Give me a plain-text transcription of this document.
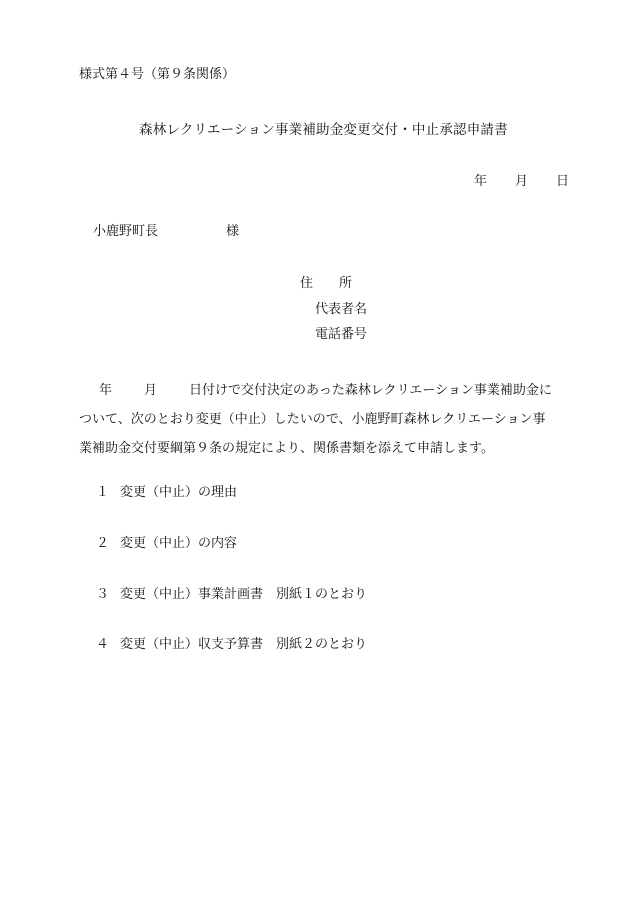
様式第４号（第９条関係）
森林レクリエーション事業補助金変更交付・中止承認申請書
年 月 日
小鹿野町長	様
住 所
代表者名
電話番号
年 月 日付けで交付決定のあった森林レクリエーション事業補助金に
ついて、次のとおり変更（中止）したいので、小鹿野町森林レクリエーション事
業補助金交付要綱第９条の規定により、関係書類を添えて申請します。
１ 変更（中止）の理由
２ 変更（中止）の内容
３ 変更（中止）事業計画書 別紙１のとおり
４ 変更（中止）収支予算書 別紙２のとおり
